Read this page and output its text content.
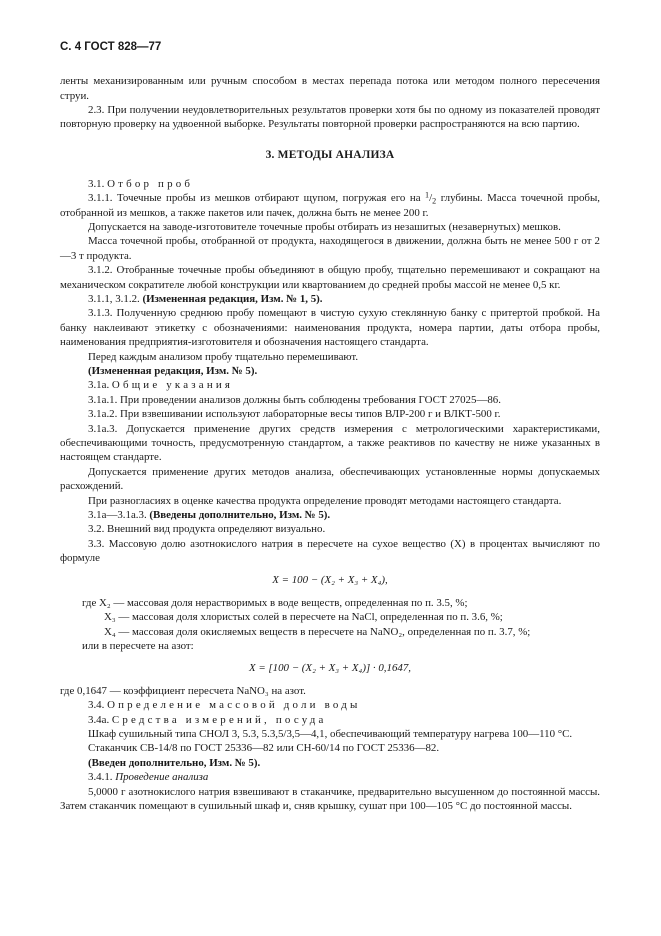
С. 4 ГОСТ 828—77

ленты механизированным или ручным способом в местах перепада потока или методом полного пересечения струи.

2.3. При получении неудовлетворительных результатов проверки хотя бы по одному из показателей проводят повторную проверку на удвоенной выборке. Результаты повторной проверки распространяются на всю партию.

3. МЕТОДЫ АНАЛИЗА

3.1. Отбор проб

3.1.1. Точечные пробы из мешков отбирают щупом, погружая его на $^1/_2$ глубины. Масса точечной пробы, отобранной из мешков, а также пакетов или пачек, должна быть не менее 200 г.

Допускается на заводе-изготовителе точечные пробы отбирать из незашитых (незавернутых) мешков.

Масса точечной пробы, отобранной от продукта, находящегося в движении, должна быть не менее 500 г от 2—3 т продукта.

3.1.2. Отобранные точечные пробы объединяют в общую пробу, тщательно перемешивают и сокращают на механическом сократителе любой конструкции или квартованием до средней пробы массой не менее 0,5 кг.

3.1.1, 3.1.2. (Измененная редакция, Изм. № 1, 5).

3.1.3. Полученную среднюю пробу помещают в чистую сухую стеклянную банку с притертой пробкой. На банку наклеивают этикетку с обозначениями: наименования продукта, номера партии, даты отбора пробы, наименования предприятия-изготовителя и обозначения настоящего стандарта.

Перед каждым анализом пробу тщательно перемешивают.

(Измененная редакция, Изм. № 5).

3.1а. Общие указания

3.1а.1. При проведении анализов должны быть соблюдены требования ГОСТ 27025—86.

3.1а.2. При взвешивании используют лабораторные весы типов ВЛР-200 г и ВЛКТ-500 г.

3.1а.3. Допускается применение других средств измерения с метрологическими характеристиками, обеспечивающими точность, предусмотренную стандартом, а также реактивов по качеству не ниже указанных в настоящем стандарте.

Допускается применение других методов анализа, обеспечивающих установленные нормы допускаемых расхождений.

При разногласиях в оценке качества продукта определение проводят методами настоящего стандарта.

3.1а—3.1а.3. (Введены дополнительно, Изм. № 5).

3.2. Внешний вид продукта определяют визуально.

3.3. Массовую долю азотнокислого натрия в пересчете на сухое вещество (X) в процентах вычисляют по формуле

X = 100 − (X₂ + X₃ + X₄),

где X₂ — массовая доля нерастворимых в воде веществ, определенная по п. 3.5, %;

X₃ — массовая доля хлористых солей в пересчете на NaCl, определенная по п. 3.6, %;

X₄ — массовая доля окисляемых веществ в пересчете на NaNO₂, определенная по п. 3.7, %;

или в пересчете на азот:

X = [100 − (X₂ + X₃ + X₄)] · 0,1647,

где 0,1647 — коэффициент пересчета NaNO₃ на азот.

3.4. Определение массовой доли воды

3.4а. Средства измерений, посуда

Шкаф сушильный типа СНОЛ 3, 5.3, 5.3,5/3,5—4,1, обеспечивающий температуру нагрева 100—110 °С.

Стаканчик СВ-14/8 по ГОСТ 25336—82 или СН-60/14 по ГОСТ 25336—82.

(Введен дополнительно, Изм. № 5).

3.4.1. Проведение анализа

5,0000 г азотнокислого натрия взвешивают в стаканчике, предварительно высушенном до постоянной массы. Затем стаканчик помещают в сушильный шкаф и, сняв крышку, сушат при 100—105 °С до постоянной массы.
